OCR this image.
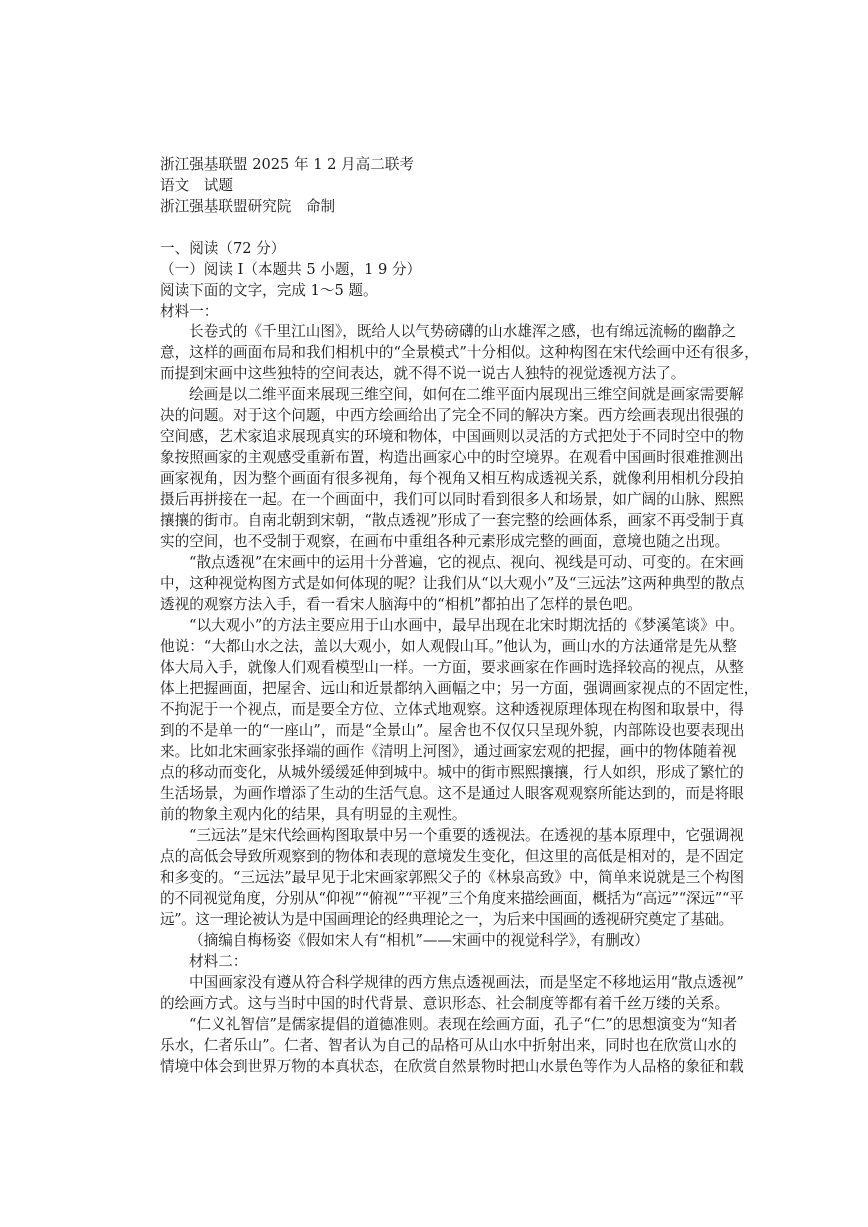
浙江强基联盟 2025 年 1 2 月高二联考

语文　试题

浙江强基联盟研究院　命制

一、阅读（72 分）

（一）阅读 I（本题共 5 小题，1 9 分）

阅读下面的文字，完成 1～5 题。

材料一：

长卷式的《千里江山图》，既给人以气势磅礴的山水雄浑之感，也有绵远流畅的幽静之

意，这样的画面布局和我们相机中的“全景模式”十分相似。这种构图在宋代绘画中还有很多，

而提到宋画中这些独特的空间表达，就不得不说一说古人独特的视觉透视方法了。

绘画是以二维平面来展现三维空间，如何在二维平面内展现出三维空间就是画家需要解

决的问题。对于这个问题，中西方绘画给出了完全不同的解决方案。西方绘画表现出很强的

空间感，艺术家追求展现真实的环境和物体，中国画则以灵活的方式把处于不同时空中的物

象按照画家的主观感受重新布置，构造出画家心中的时空境界。在观看中国画时很难推测出

画家视角，因为整个画面有很多视角，每个视角又相互构成透视关系，就像利用相机分段拍

摄后再拼接在一起。在一个画面中，我们可以同时看到很多人和场景，如广阔的山脉、熙熙

攘攘的街市。自南北朝到宋朝，“散点透视”形成了一套完整的绘画体系，画家不再受制于真

实的空间，也不受制于观察，在画布中重组各种元素形成完整的画面，意境也随之出现。

“散点透视”在宋画中的运用十分普遍，它的视点、视向、视线是可动、可变的。在宋画

中，这种视觉构图方式是如何体现的呢？让我们从“以大观小”及“三远法”这两种典型的散点

透视的观察方法入手，看一看宋人脑海中的“相机”都拍出了怎样的景色吧。

“以大观小”的方法主要应用于山水画中，最早出现在北宋时期沈括的《梦溪笔谈》中。

他说：“大都山水之法，盖以大观小，如人观假山耳。”他认为，画山水的方法通常是先从整

体大局入手，就像人们观看模型山一样。一方面，要求画家在作画时选择较高的视点，从整

体上把握画面，把屋舍、远山和近景都纳入画幅之中；另一方面，强调画家视点的不固定性，

不拘泥于一个视点，而是要全方位、立体式地观察。这种透视原理体现在构图和取景中，得

到的不是单一的“一座山”，而是“全景山”。屋舍也不仅仅只呈现外貌，内部陈设也要表现出

来。比如北宋画家张择端的画作《清明上河图》，通过画家宏观的把握，画中的物体随着视

点的移动而变化，从城外缓缓延伸到城中。城中的街市熙熙攘攘，行人如织，形成了繁忙的

生活场景，为画作增添了生动的生活气息。这不是通过人眼客观观察所能达到的，而是将眼

前的物象主观内化的结果，具有明显的主观性。

“三远法”是宋代绘画构图取景中另一个重要的透视法。在透视的基本原理中，它强调视

点的高低会导致所观察到的物体和表现的意境发生变化，但这里的高低是相对的，是不固定

和多变的。“三远法”最早见于北宋画家郭熙父子的《林泉高致》中，简单来说就是三个构图

的不同视觉角度，分别从“仰视”“俯视”“平视”三个角度来描绘画面，概括为“高远”“深远”“平

远”。这一理论被认为是中国画理论的经典理论之一，为后来中国画的透视研究奠定了基础。

（摘编自梅杨姿《假如宋人有“相机”——宋画中的视觉科学》，有删改）

材料二：

中国画家没有遵从符合科学规律的西方焦点透视画法，而是坚定不移地运用“散点透视”

的绘画方式。这与当时中国的时代背景、意识形态、社会制度等都有着千丝万缕的关系。

“仁义礼智信”是儒家提倡的道德准则。表现在绘画方面，孔子“仁”的思想演变为“知者

乐水，仁者乐山”。仁者、智者认为自己的品格可从山水中折射出来，同时也在欣赏山水的

情境中体会到世界万物的本真状态，在欣赏自然景物时把山水景色等作为人品格的象征和载
